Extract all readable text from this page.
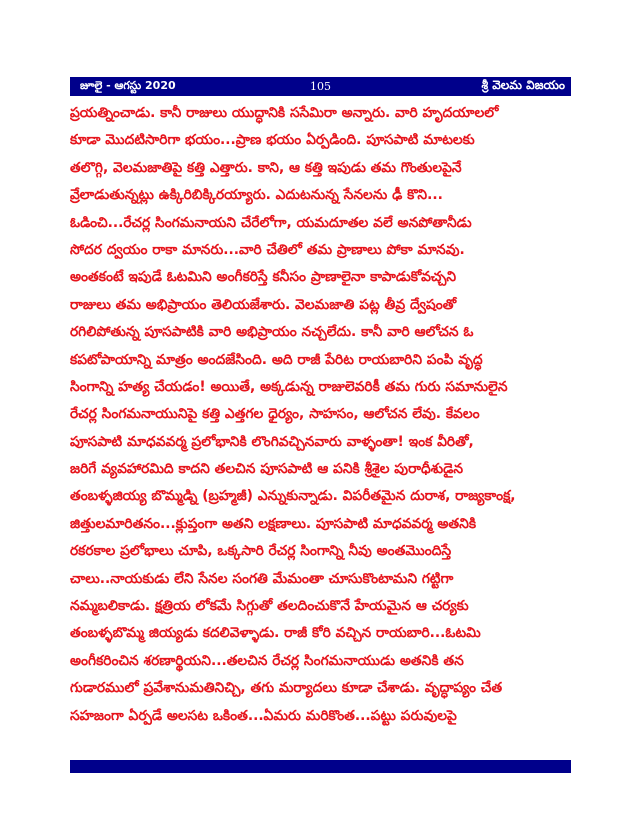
జూలై - ఆగస్టు 2020	105	శ్రీ వెలమ విజయం
ప్రయత్నించాడు. కానీ రాజులు యుద్ధానికి ససేమిరా అన్నారు. వారి హృదయాలలో
కూడా మొదటిసారిగా భయం...ప్రాణ భయం ఏర్పడింది. పూసపాటి మాటలకు
తలొగ్గి, వెలమజాతిపై కత్తి ఎత్తారు. కాని, ఆ కత్తి ఇపుడు తమ గొంతులపైనే
వ్రేలాడుతున్నట్లు ఉక్కిరిబిక్కిరయ్యారు. ఎదుటనున్న సేనలను ఢీ కొని...
ఓడించి...రేచర్ల సింగమనాయని చేరేలోగా, యమదూతల వలే అనపోతానీడు
సోదర ద్వయం రాకా మానరు...వారి చేతిలో తమ ప్రాణాలు పోకా మానవు.
అంతకంటే ఇపుడే ఓటమిని అంగీకరిస్తే కనీసం ప్రాణాలైనా కాపాడుకోవచ్చని
రాజులు తమ అభిప్రాయం తెలియజేశారు. వెలమజాతి పట్ల తీవ్ర ద్వేషంతో
రగిలిపోతున్న పూసపాటికి వారి అభిప్రాయం నచ్చలేదు. కానీ వారి ఆలోచన ఓ
కపటోపాయాన్ని మాత్రం అందజేసింది. అది రాజీ పేరిట రాయబారిని పంపి వృద్ధ
సింగాన్ని హత్య చేయడం! అయితే, అక్కడున్న రాజులెవరికీ తమ గురు సమానులైన
రేచర్ల సింగమనాయునిపై కత్తి ఎత్తగల ధైర్యం, సాహసం, ఆలోచన లేవు. కేవలం
పూసపాటి మాధవవర్మ ప్రలోభానికి లొంగివచ్చినవారు వాళ్ళంతా! ఇంక వీరితో,
జరిగే వ్యవహారమిది కాదని తలచిన పూసపాటి ఆ పనికి శ్రీశైల పురాధీశుడైన
తంబళ్ళజియ్య బొమ్మడ్ని (బ్రహ్మజీ) ఎన్నుకున్నాడు. విపరీతమైన దురాశ, రాజ్యకాంక్ష,
జిత్తులమారితనం...క్లుప్తంగా అతని లక్షణాలు. పూసపాటి మాధవవర్మ అతనికి
రకరకాల ప్రలోభాలు చూపి, ఒక్కసారి రేచర్ల సింగాన్ని నీవు అంతమొందిస్తే
చాలు..నాయకుడు లేని సేనల సంగతి మేమంతా చూసుకొంటామని గట్టిగా
నమ్మబలికాడు. క్షత్రియ లోకమే సిగ్గుతో తలదించుకొనే హేయమైన ఆ చర్యకు
తంబళ్ళబొమ్మ జియ్యడు కదలివెళ్ళాడు. రాజీ కోరి వచ్చిన రాయబారి...ఓటమి
అంగీకరించిన శరణార్థియని...తలచిన రేచర్ల సింగమనాయుడు అతనికి తన
గుడారములో ప్రవేశానుమతినిచ్చి, తగు మర్యాదలు కూడా చేశాడు. వృద్ధాప్యం చేత
సహజంగా ఏర్పడే అలసట ఒకింత...ఏమరు మరికొంత...పట్టు పరువులపై
